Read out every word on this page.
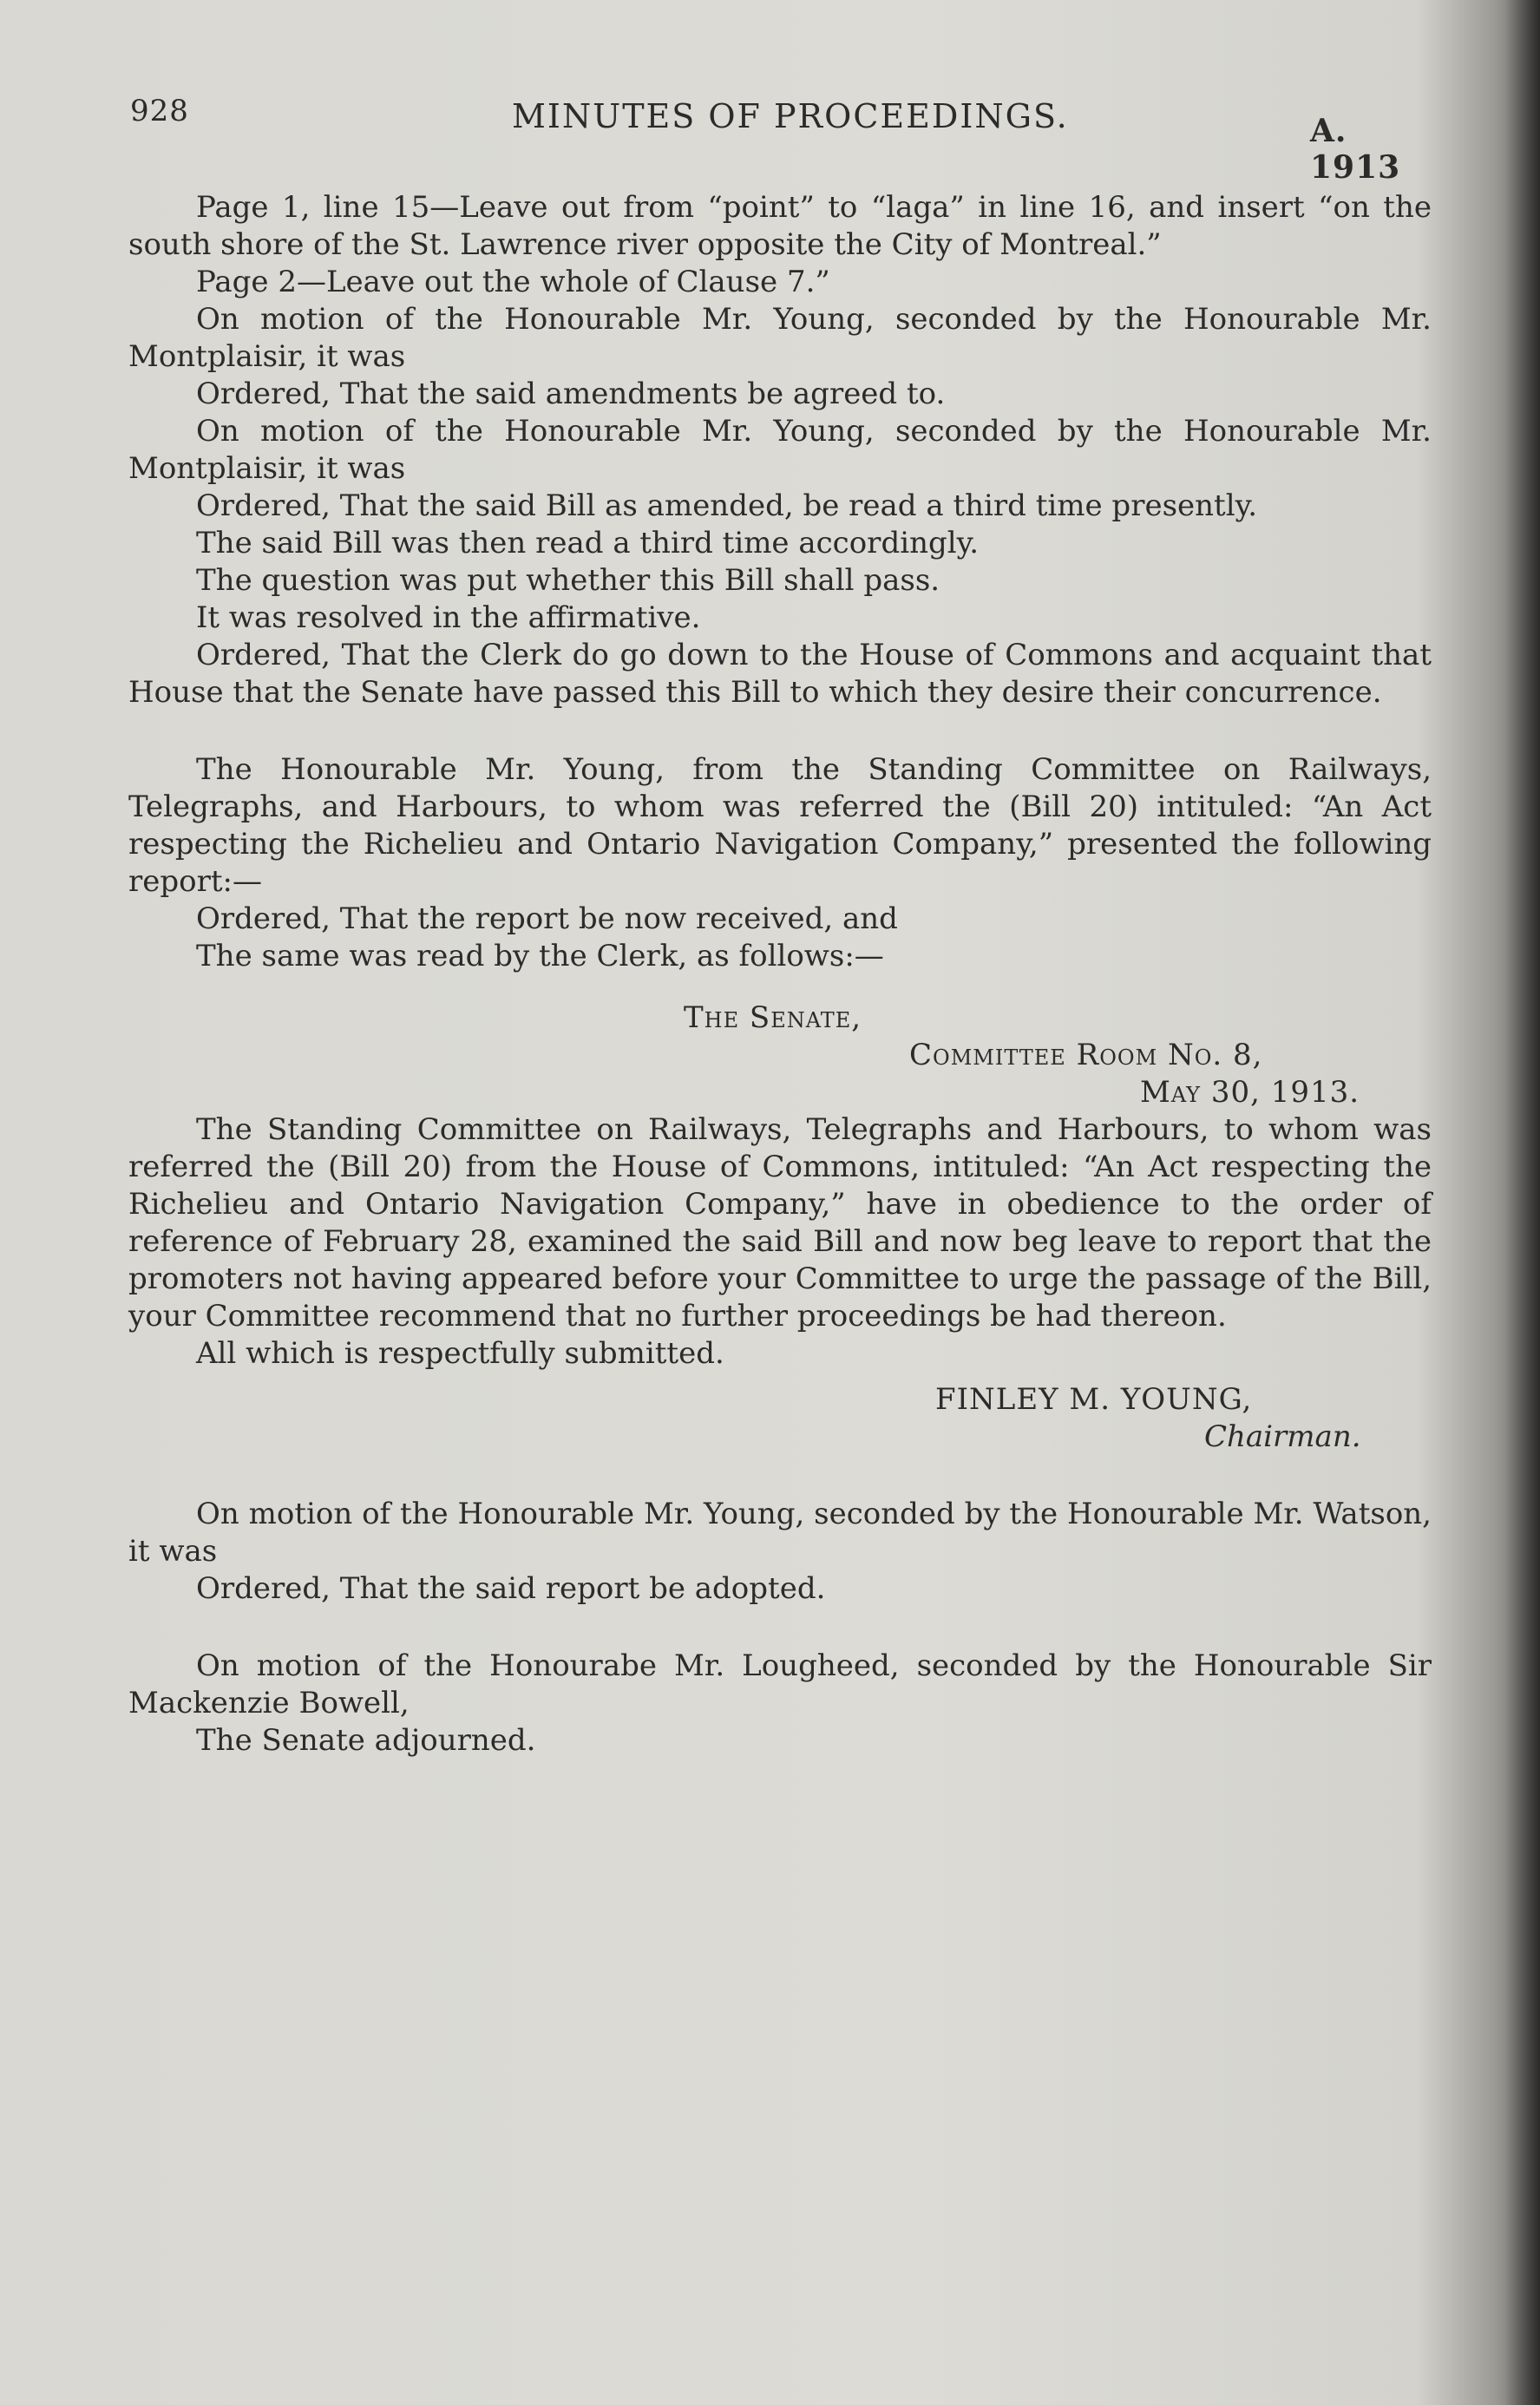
928	MINUTES OF PROCEEDINGS.	A. 1913

Page 1, line 15—Leave out from “point” to “laga” in line 16, and insert “on the south shore of the St. Lawrence river opposite the City of Montreal.”

Page 2—Leave out the whole of Clause 7.”

On motion of the Honourable Mr. Young, seconded by the Honourable Mr. Montplaisir, it was

Ordered, That the said amendments be agreed to.

On motion of the Honourable Mr. Young, seconded by the Honourable Mr. Montplaisir, it was

Ordered, That the said Bill as amended, be read a third time presently.

The said Bill was then read a third time accordingly.

The question was put whether this Bill shall pass.

It was resolved in the affirmative.

Ordered, That the Clerk do go down to the House of Commons and acquaint that House that the Senate have passed this Bill to which they desire their concurrence.

The Honourable Mr. Young, from the Standing Committee on Railways, Telegraphs, and Harbours, to whom was referred the (Bill 20) intituled: “An Act respecting the Richelieu and Ontario Navigation Company,” presented the following report:—

Ordered, That the report be now received, and

The same was read by the Clerk, as follows:—

The Senate,

Committee Room No. 8,

May 30, 1913.

The Standing Committee on Railways, Telegraphs and Harbours, to whom was referred the (Bill 20) from the House of Commons, intituled: “An Act respecting the Richelieu and Ontario Navigation Company,” have in obedience to the order of reference of February 28, examined the said Bill and now beg leave to report that the promoters not having appeared before your Committee to urge the passage of the Bill, your Committee recommend that no further proceedings be had thereon.

All which is respectfully submitted.

FINLEY M. YOUNG,

Chairman.

On motion of the Honourable Mr. Young, seconded by the Honourable Mr. Watson, it was

Ordered, That the said report be adopted.

On motion of the Honourabe Mr. Lougheed, seconded by the Honourable Sir Mackenzie Bowell,

The Senate adjourned.
